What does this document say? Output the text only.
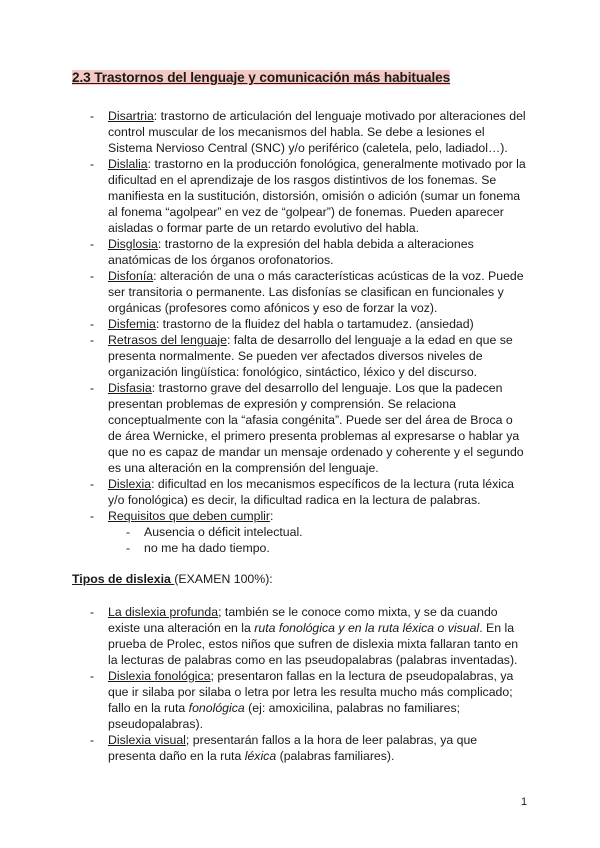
2.3 Trastornos del lenguaje y comunicación más habituales
- Disartria: trastorno de articulación del lenguaje motivado por alteraciones del control muscular de los mecanismos del habla. Se debe a lesiones el Sistema Nervioso Central (SNC) y/o periférico (caletela, pelo, ladiadol…).
- Dislalia: trastorno en la producción fonológica, generalmente motivado por la dificultad en el aprendizaje de los rasgos distintivos de los fonemas. Se manifiesta en la sustitución, distorsión, omisión o adición (sumar un fonema al fonema “agolpear” en vez de “golpear”) de fonemas. Pueden aparecer aisladas o formar parte de un retardo evolutivo del habla.
- Disglosia: trastorno de la expresión del habla debida a alteraciones anatómicas de los órganos orofonatorios.
- Disfonía: alteración de una o más características acústicas de la voz. Puede ser transitoria o permanente. Las disfonías se clasifican en funcionales y orgánicas (profesores como afónicos y eso de forzar la voz).
- Disfemia: trastorno de la fluidez del habla o tartamudez. (ansiedad)
- Retrasos del lenguaje: falta de desarrollo del lenguaje a la edad en que se presenta normalmente. Se pueden ver afectados diversos niveles de organización lingüística: fonológico, sintáctico, léxico y del discurso.
- Disfasia: trastorno grave del desarrollo del lenguaje. Los que la padecen presentan problemas de expresión y comprensión. Se relaciona conceptualmente con la “afasia congénita”. Puede ser del área de Broca o de área Wernicke, el primero presenta problemas al expresarse o hablar ya que no es capaz de mandar un mensaje ordenado y coherente y el segundo es una alteración en la comprensión del lenguaje.
- Dislexia: dificultad en los mecanismos específicos de la lectura (ruta léxica y/o fonológica) es decir, la dificultad radica en la lectura de palabras.
- Requisitos que deben cumplir:
- Ausencia o déficit intelectual.
- no me ha dado tiempo.
Tipos de dislexia (EXAMEN 100%):
- La dislexia profunda; también se le conoce como mixta, y se da cuando existe una alteración en la ruta fonológica y en la ruta léxica o visual. En la prueba de Prolec, estos niños que sufren de dislexia mixta fallaran tanto en la lecturas de palabras como en las pseudopalabras (palabras inventadas).
- Dislexia fonológica; presentaron fallas en la lectura de pseudopalabras, ya que ir silaba por silaba o letra por letra les resulta mucho más complicado; fallo en la ruta fonológica (ej: amoxicilina, palabras no familiares; pseudopalabras).
- Dislexia visual; presentarán fallos a la hora de leer palabras, ya que presenta daño en la ruta léxica (palabras familiares).
1
